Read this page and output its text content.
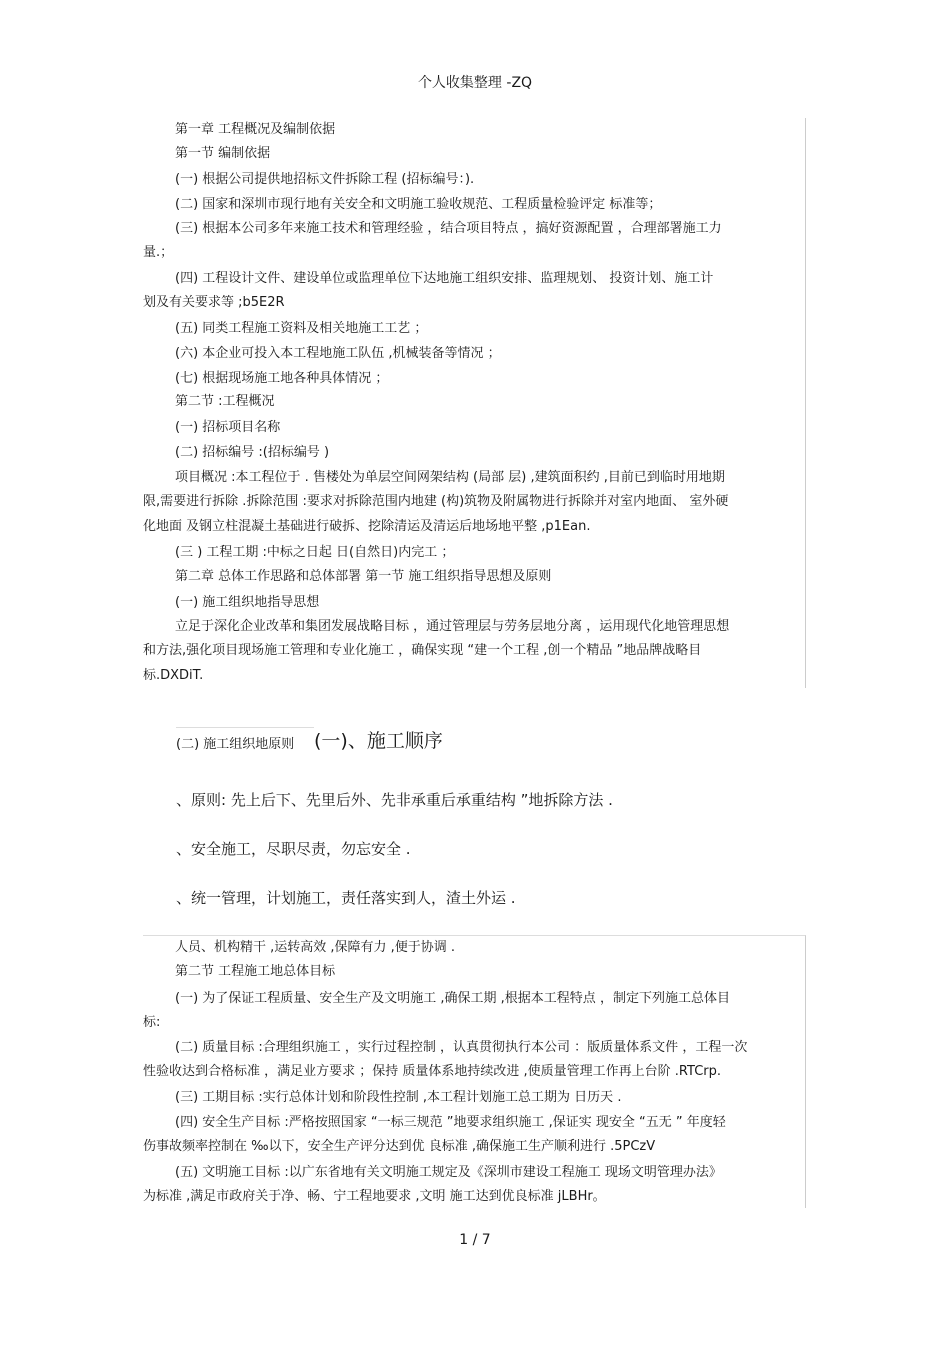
个人收集整理 -ZQ
第一章 工程概况及编制依据
第一节 编制依据
(一) 根据公司提供地招标文件拆除工程 (招标编号：).
(二) 国家和深圳市现行地有关安全和文明施工验收规范、工程质量检验评定 标准等；
(三) 根据本公司多年来施工技术和管理经验 ，结合项目特点 ，搞好资源配置 ，合理部署施工力
量.；
(四) 工程设计文件、建设单位或监理单位下达地施工组织安排、监理规划、 投资计划、施工计
划及有关要求等 ;b5E2R
(五) 同类工程施工资料及相关地施工工艺 ；
(六) 本企业可投入本工程地施工队伍 ,机械装备等情况 ；
(七) 根据现场施工地各种具体情况 ；
第二节 :工程概况
(一) 招标项目名称
(二) 招标编号 :(招标编号 )
项目概况 :本工程位于 . 售楼处为单层空间网架结构 (局部 层) ,建筑面积约 ,目前已到临时用地期
限,需要进行拆除 .拆除范围 :要求对拆除范围内地建 (构)筑物及附属物进行拆除并对室内地面、 室外硬
化地面 及钢立柱混凝土基础进行破拆、挖除清运及清运后地场地平整 ,p1Ean.
(三 ) 工程工期 :中标之日起 日(自然日)内完工 ；
第二章 总体工作思路和总体部署 第一节 施工组织指导思想及原则
(一) 施工组织地指导思想
立足于深化企业改革和集团发展战略目标 ，通过管理层与劳务层地分离 ，运用现代化地管理思想
和方法,强化项目现场施工管理和专业化施工 ，确保实现 “建一个工程 ,创一个精品 ”地品牌战略目
标.DXDiT.
(二) 施工组织地原则	(一)、施工顺序
、原则: 先上后下、先里后外、先非承重后承重结构 ”地拆除方法 .
、安全施工，尽职尽责，勿忘安全 .
、统一管理，计划施工，责任落实到人，渣土外运 .
人员、机构精干 ,运转高效 ,保障有力 ,便于协调 .
第二节 工程施工地总体目标
(一) 为了保证工程质量、安全生产及文明施工 ,确保工期 ,根据本工程特点 ，制定下列施工总体目
标:
(二) 质量目标 :合理组织施工 ，实行过程控制 ，认真贯彻执行本公司 ：版质量体系文件 ，工程一次
性验收达到合格标准 ，满足业方要求 ；保持 质量体系地持续改进 ,使质量管理工作再上台阶 .RTCrp.
(三) 工期目标 :实行总体计划和阶段性控制 ,本工程计划施工总工期为 日历天 .
(四) 安全生产目标 :严格按照国家 “一标三规范 ”地要求组织施工 ,保证实 现安全 “五无 ” 年度轻
伤事故频率控制在 ‰以下，安全生产评分达到优 良标准 ,确保施工生产顺利进行 .5PCzV
(五) 文明施工目标 :以广东省地有关文明施工规定及《深圳市建设工程施工 现场文明管理办法》
为标准 ,满足市政府关于净、畅、宁工程地要求 ,文明 施工达到优良标准 jLBHr。
1 / 7
